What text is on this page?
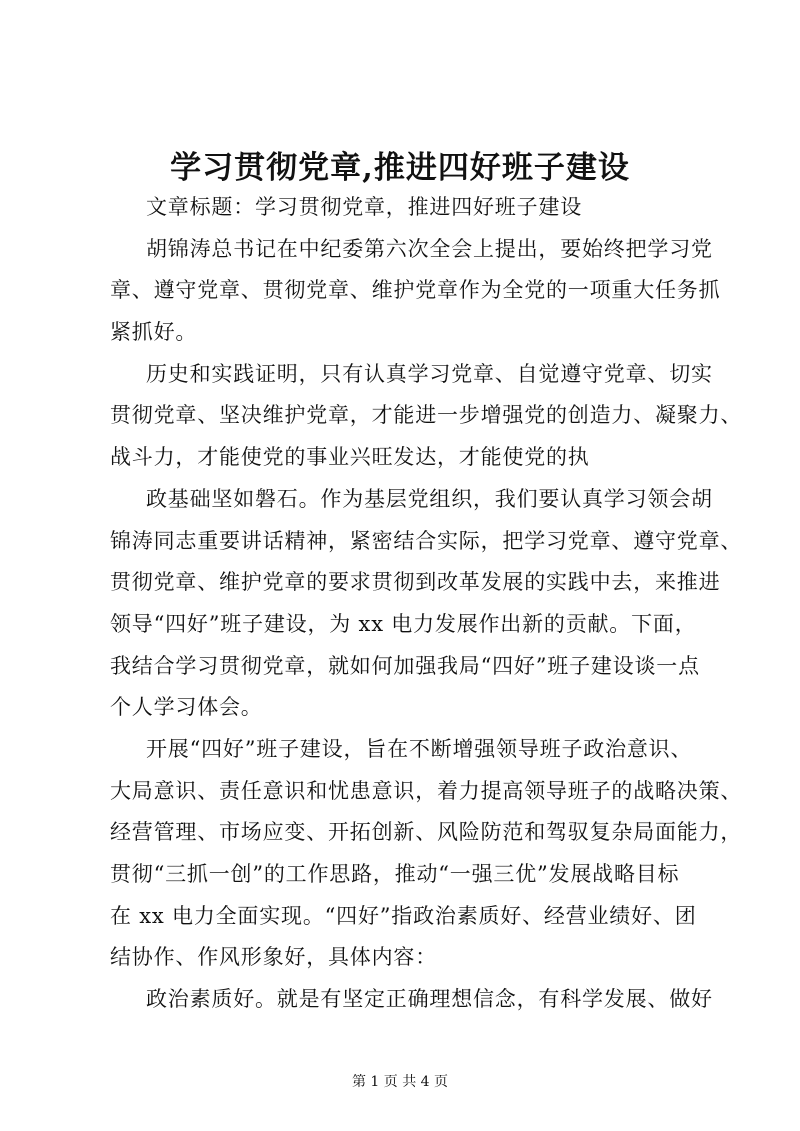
学习贯彻党章,推进四好班子建设
文章标题：学习贯彻党章，推进四好班子建设
胡锦涛总书记在中纪委第六次全会上提出，要始终把学习党
章、遵守党章、贯彻党章、维护党章作为全党的一项重大任务抓
紧抓好。
历史和实践证明，只有认真学习党章、自觉遵守党章、切实
贯彻党章、坚决维护党章，才能进一步增强党的创造力、凝聚力、
战斗力，才能使党的事业兴旺发达，才能使党的执
政基础坚如磐石。作为基层党组织，我们要认真学习领会胡
锦涛同志重要讲话精神，紧密结合实际，把学习党章、遵守党章、
贯彻党章、维护党章的要求贯彻到改革发展的实践中去，来推进
领导“四好”班子建设，为 xx 电力发展作出新的贡献。下面，
我结合学习贯彻党章，就如何加强我局“四好”班子建设谈一点
个人学习体会。
开展“四好”班子建设，旨在不断增强领导班子政治意识、
大局意识、责任意识和忧患意识，着力提高领导班子的战略决策、
经营管理、市场应变、开拓创新、风险防范和驾驭复杂局面能力，
贯彻“三抓一创”的工作思路，推动“一强三优”发展战略目标
在 xx 电力全面实现。“四好”指政治素质好、经营业绩好、团
结协作、作风形象好，具体内容：
政治素质好。就是有坚定正确理想信念，有科学发展、做好
第 1 页 共 4 页
